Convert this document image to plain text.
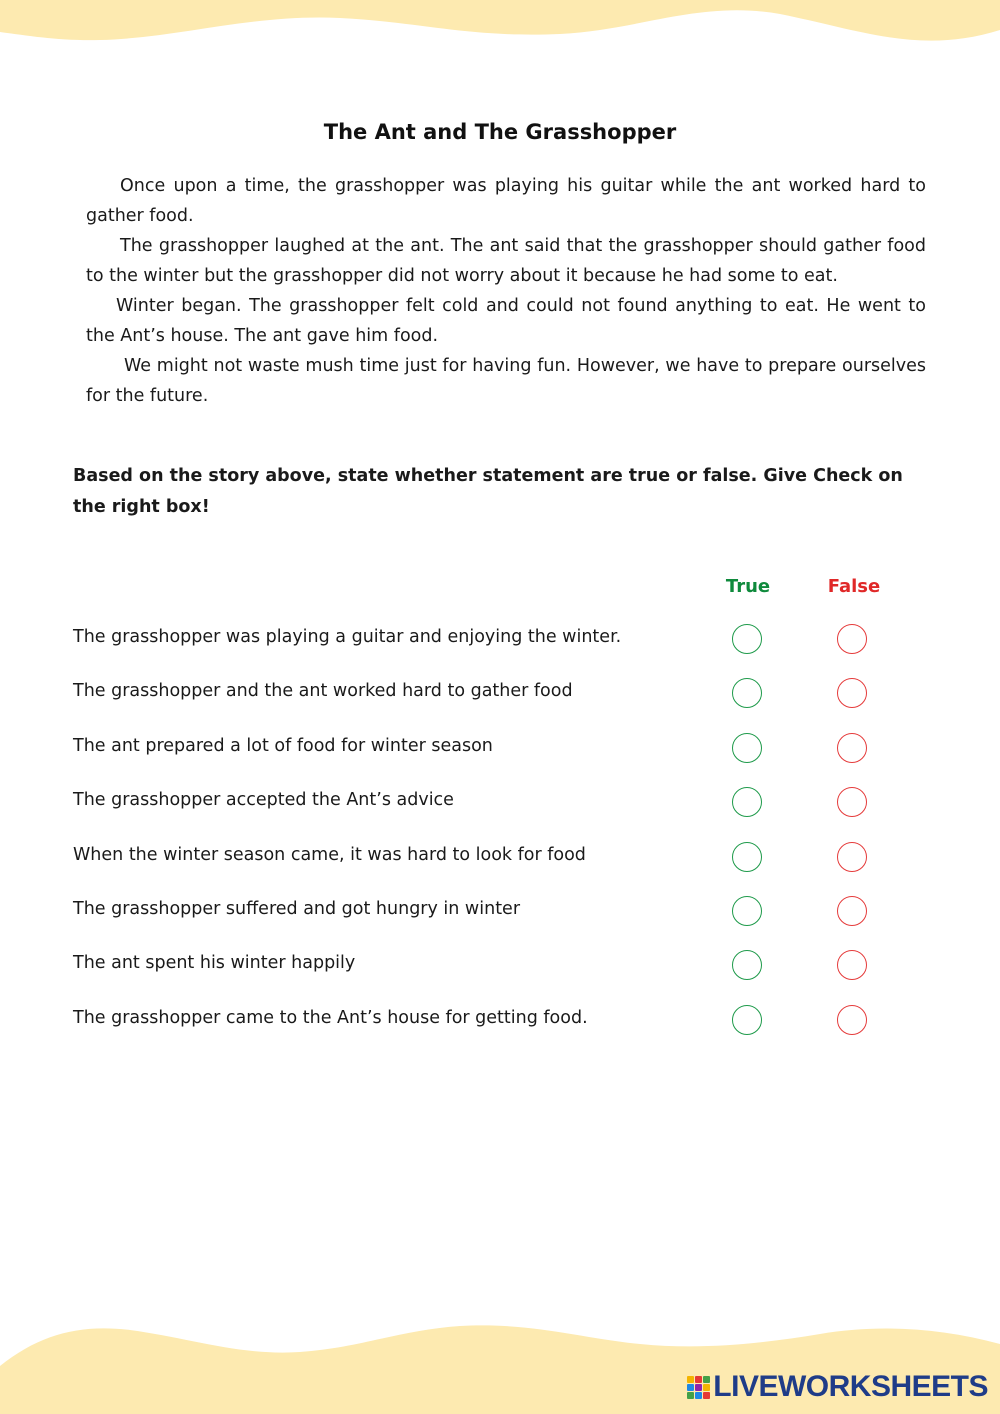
The Ant and The Grasshopper

Once upon a time, the grasshopper was playing his guitar while the ant worked hard to gather food.

The grasshopper laughed at the ant. The ant said that the grasshopper should gather food to the winter but the grasshopper did not worry about it because he had some to eat.

Winter began. The grasshopper felt cold and could not found anything to eat. He went to the Ant’s house. The ant gave him food.

We might not waste mush time just for having fun. However, we have to prepare ourselves for the future.

Based on the story above, state whether statement are true or false. Give Check on the right box!
True	False
The grasshopper was playing a guitar and enjoying the winter.
The grasshopper and the ant worked hard to gather food
The ant prepared a lot of food for winter season
The grasshopper accepted the Ant’s advice
When the winter season came, it was hard to look for food
The grasshopper suffered and got hungry in winter
The ant spent his winter happily
The grasshopper came to the Ant’s house for getting food.
LIVEWORKSHEETS
